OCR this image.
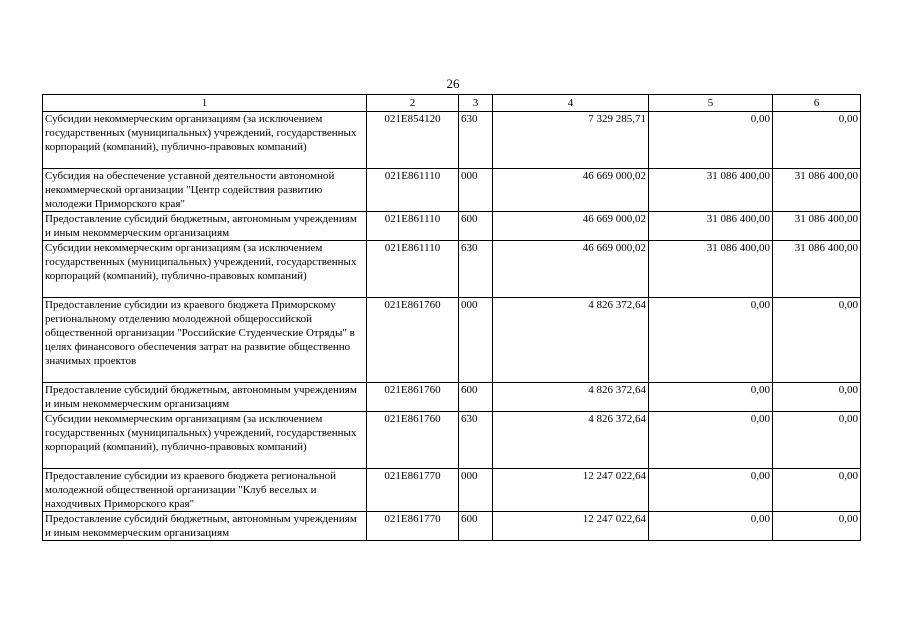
26
1	2	3	4	5	6
Субсидии некоммерческим организациям (за исключением государственных (муниципальных) учреждений, государственных корпораций (компаний), публично-правовых компаний)	021E854120	630	7 329 285,71	0,00	0,00
Субсидия на обеспечение уставной деятельности автономной некоммерческой организации "Центр содействия развитию молодежи Приморского края"	021E861110	000	46 669 000,02	31 086 400,00	31 086 400,00
Предоставление субсидий бюджетным, автономным учреждениям и иным некоммерческим организациям	021E861110	600	46 669 000,02	31 086 400,00	31 086 400,00
Субсидии некоммерческим организациям (за исключением государственных (муниципальных) учреждений, государственных корпораций (компаний), публично-правовых компаний)	021E861110	630	46 669 000,02	31 086 400,00	31 086 400,00
Предоставление субсидии из краевого бюджета Приморскому региональному отделению молодежной общероссийской общественной организации "Российские Студенческие Отряды" в целях финансового обеспечения затрат на развитие общественно значимых проектов	021E861760	000	4 826 372,64	0,00	0,00
Предоставление субсидий бюджетным, автономным учреждениям и иным некоммерческим организациям	021E861760	600	4 826 372,64	0,00	0,00
Субсидии некоммерческим организациям (за исключением государственных (муниципальных) учреждений, государственных корпораций (компаний), публично-правовых компаний)	021E861760	630	4 826 372,64	0,00	0,00
Предоставление субсидии из краевого бюджета региональной молодежной общественной организации "Клуб веселых и находчивых Приморского края"	021E861770	000	12 247 022,64	0,00	0,00
Предоставление субсидий бюджетным, автономным учреждениям и иным некоммерческим организациям	021E861770	600	12 247 022,64	0,00	0,00
